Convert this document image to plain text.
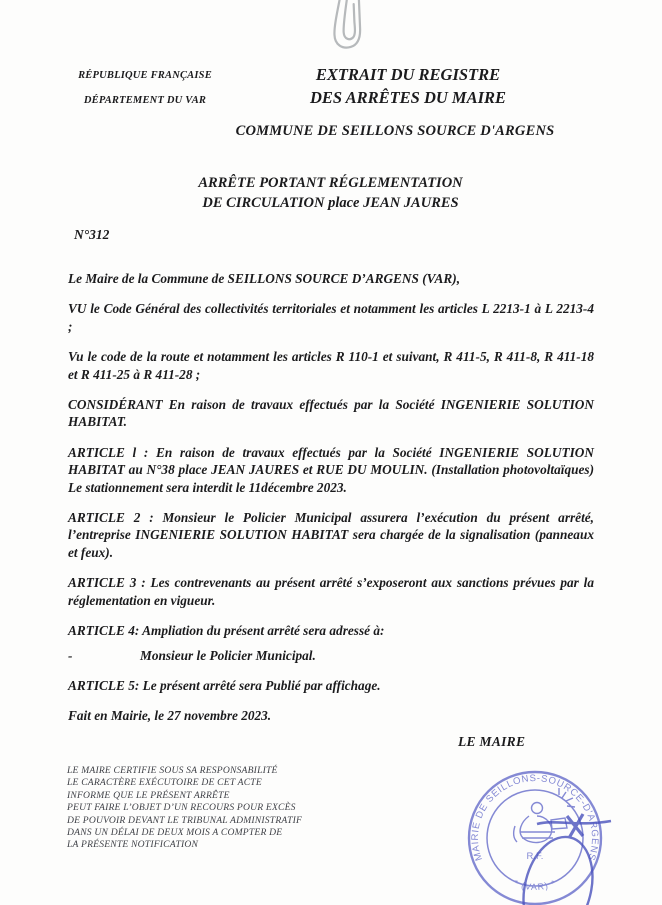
RÉPUBLIQUE FRANÇAISE
DÉPARTEMENT DU VAR
EXTRAIT DU REGISTRE
DES ARRÊTES DU MAIRE
COMMUNE DE SEILLONS SOURCE D'ARGENS
ARRÊTE PORTANT RÉGLEMENTATION
DE CIRCULATION place JEAN JAURES
N°312

Le Maire de la Commune de SEILLONS SOURCE D’ARGENS (VAR),

VU le Code Général des collectivités territoriales et notamment les articles L 2213-1 à L 2213-4 ;

Vu le code de la route et notamment les articles R 110-1 et suivant, R 411-5, R 411-8, R 411-18 et R 411-25 à R 411-28 ;

CONSIDÉRANT En raison de travaux effectués par la Société INGENIERIE SOLUTION HABITAT.

ARTICLE l : En raison de travaux effectués par la Société INGENIERIE SOLUTION HABITAT au N°38 place JEAN JAURES et RUE DU MOULIN. (Installation photovoltaïques) Le stationnement sera interdit le 11décembre 2023.

ARTICLE 2 : Monsieur le Policier Municipal assurera l’exécution du présent arrêté, l’entreprise INGENIERIE SOLUTION HABITAT sera chargée de la signalisation (panneaux et feux).

ARTICLE 3 : Les contrevenants au présent arrêté s’exposeront aux sanctions prévues par la réglementation en vigueur.

ARTICLE 4: Ampliation du présent arrêté sera adressé à:

-	Monsieur le Policier Municipal.

ARTICLE 5: Le présent arrêté sera Publié par affichage.

Fait en Mairie, le 27 novembre 2023.

LE MAIRE
LE MAIRE CERTIFIE SOUS SA RESPONSABILITÉ
LE CARACTÈRE EXÉCUTOIRE DE CET ACTE
INFORME QUE LE PRÉSENT ARRÊTE
PEUT FAIRE L’OBJET D’UN RECOURS POUR EXCÈS
DE POUVOIR DEVANT LE TRIBUNAL ADMINISTRATIF
DANS UN DÉLAI DE DEUX MOIS A COMPTER DE
LA PRÉSENTE NOTIFICATION
MAIRIE DE SEILLONS-SOURCE-D'ARGENS
* (VAR) *
R.F.
